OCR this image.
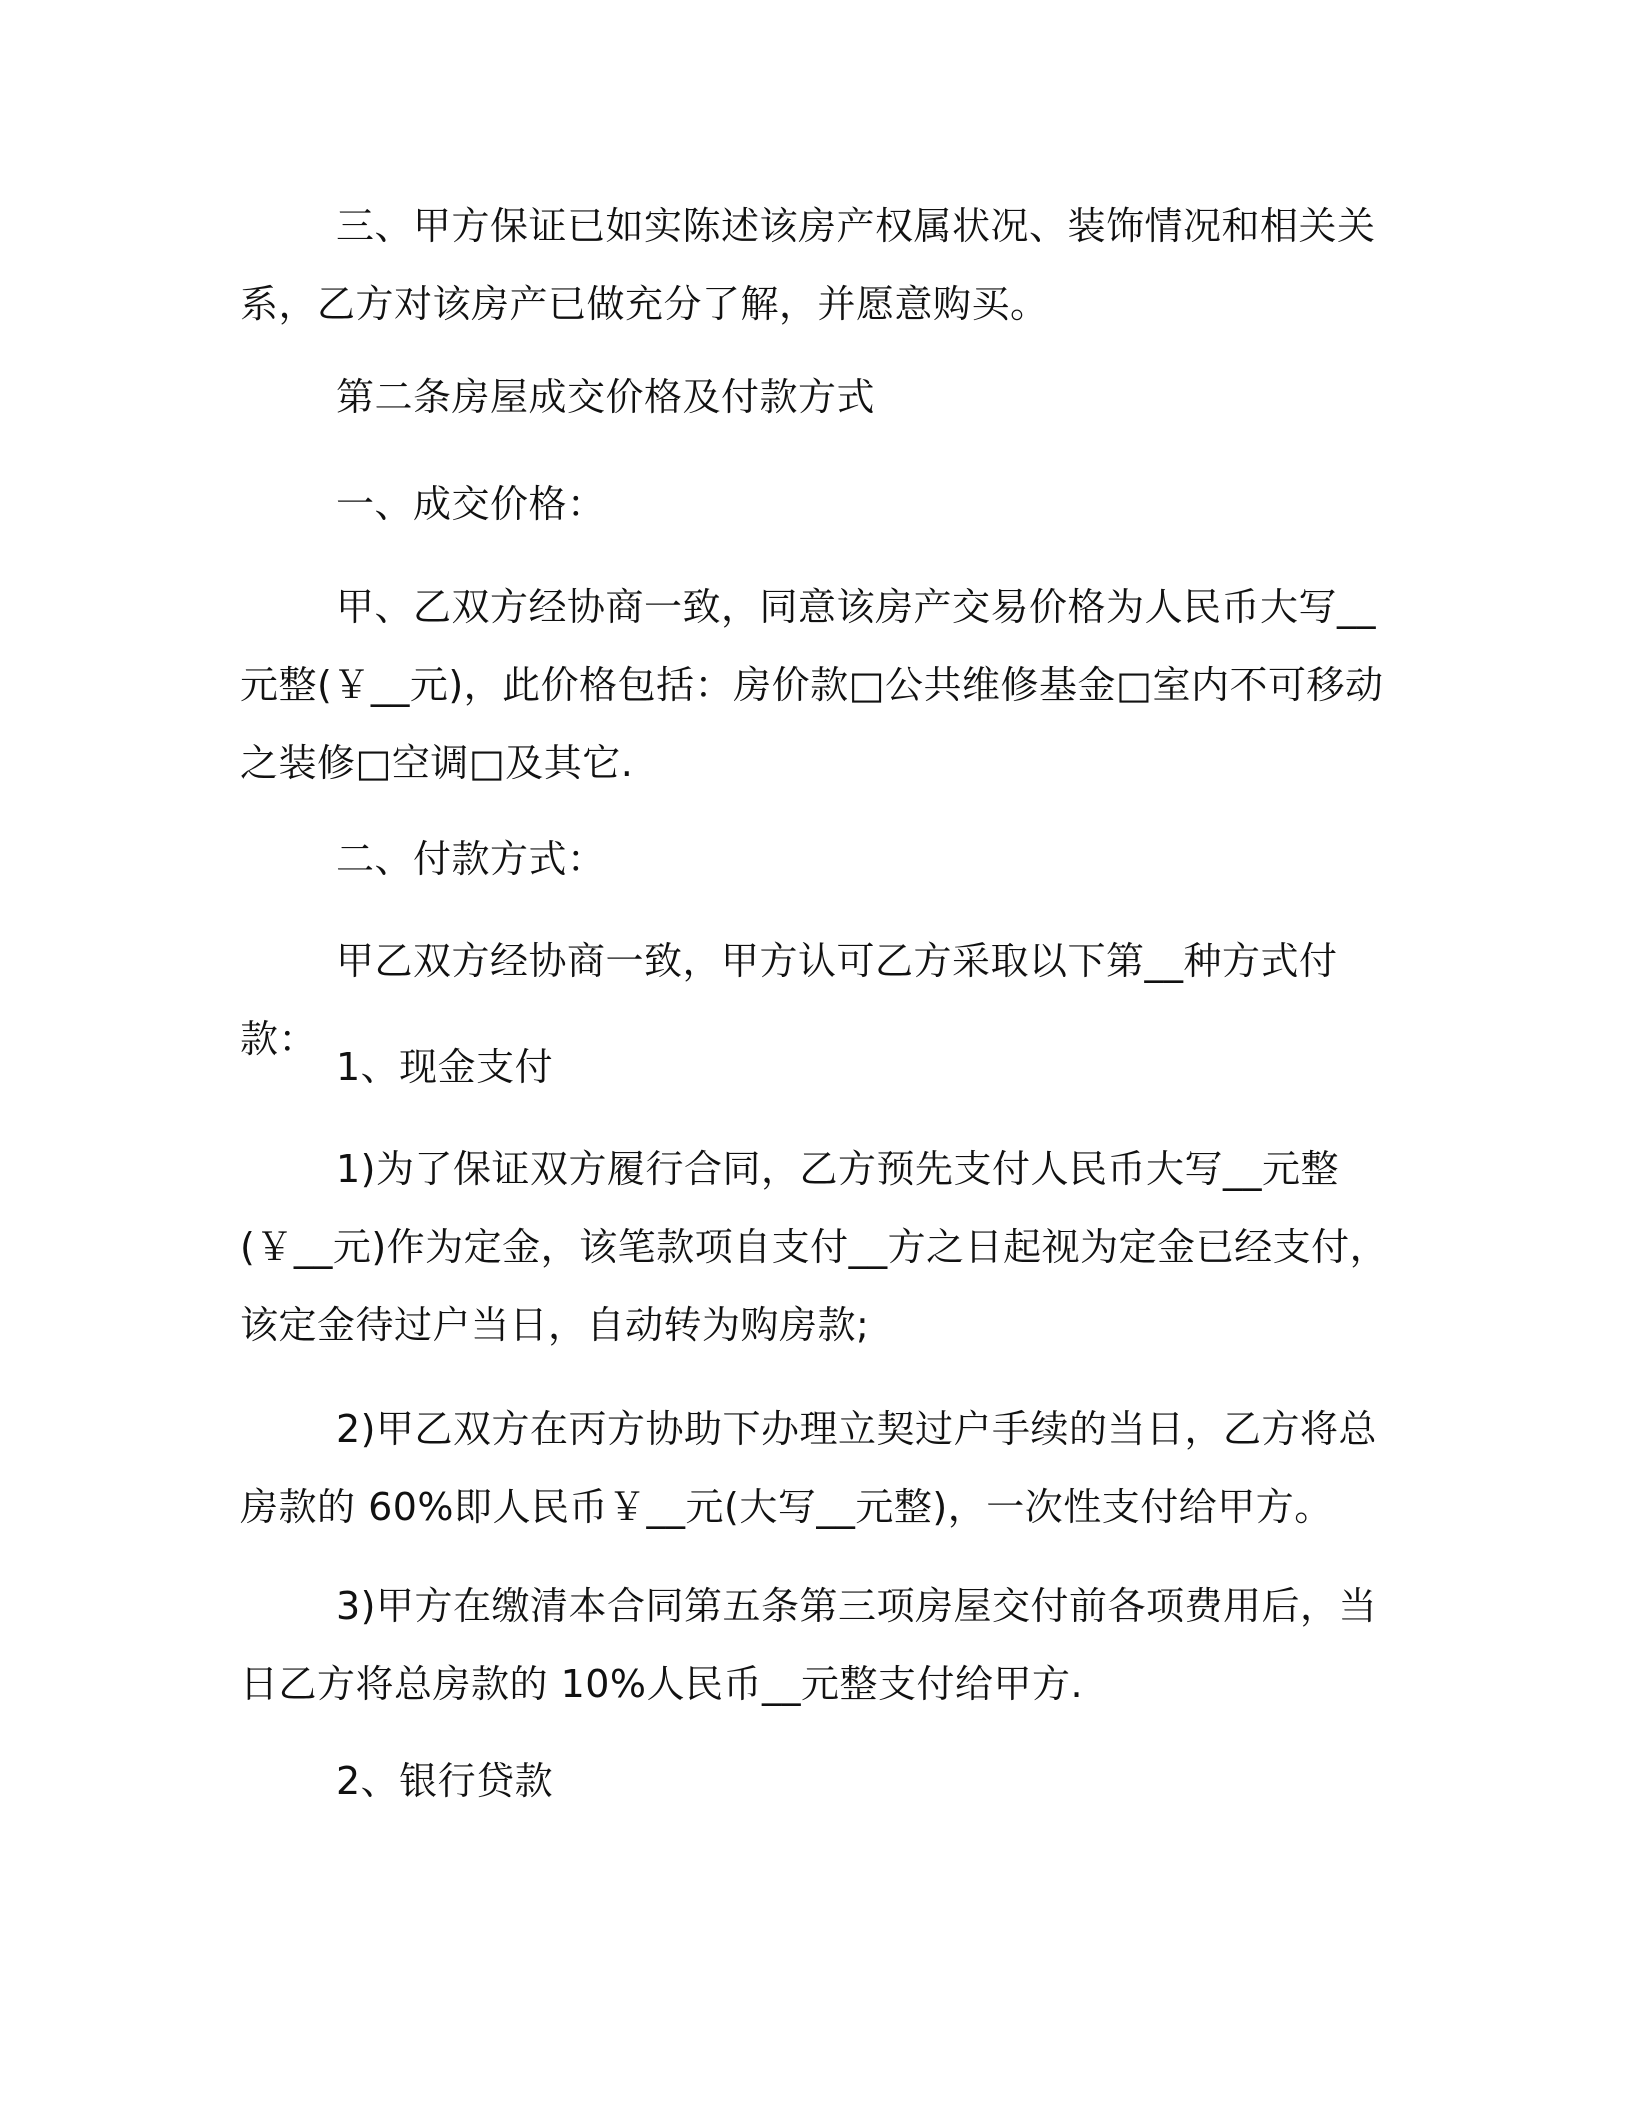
三、甲方保证已如实陈述该房产权属状况、装饰情况和相关关系，乙方对该房产已做充分了解，并愿意购买。

第二条房屋成交价格及付款方式

一、成交价格：

甲、乙双方经协商一致，同意该房产交易价格为人民币大写__元整(￥__元)，此价格包括：房价款□公共维修基金□室内不可移动之装修□空调□及其它.

二、付款方式：

甲乙双方经协商一致，甲方认可乙方采取以下第__种方式付款：

1、现金支付

1)为了保证双方履行合同，乙方预先支付人民币大写__元整(￥__元)作为定金，该笔款项自支付__方之日起视为定金已经支付，该定金待过户当日，自动转为购房款;

2)甲乙双方在丙方协助下办理立契过户手续的当日，乙方将总房款的 60%即人民币￥__元(大写__元整)，一次性支付给甲方。

3)甲方在缴清本合同第五条第三项房屋交付前各项费用后，当日乙方将总房款的 10%人民币__元整支付给甲方.

2、银行贷款
